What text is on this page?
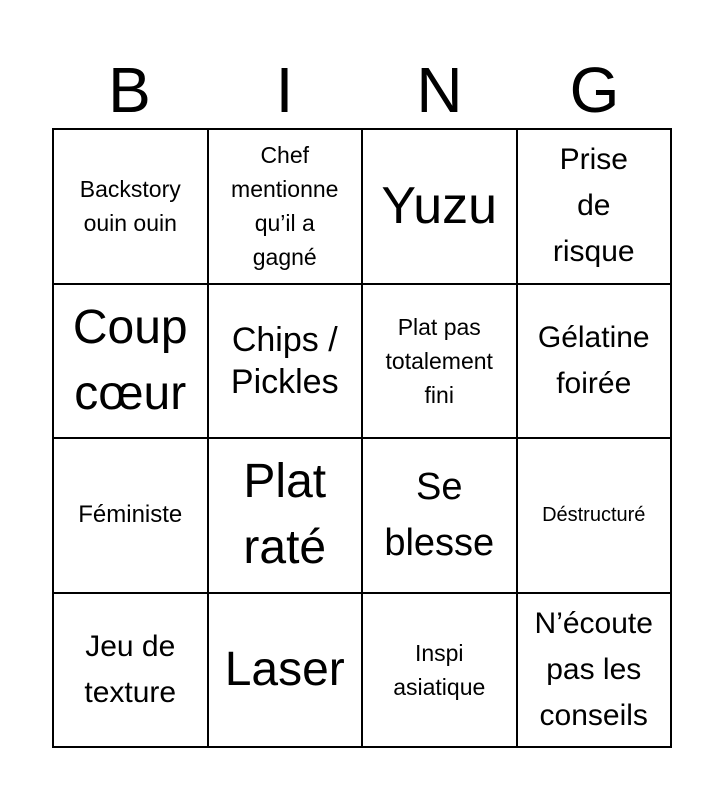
B	I	N	G
Backstory
ouin ouin
Chef
mentionne
qu’il a
gagné
Yuzu
Prise
de
risque
Coup
cœur
Chips /
Pickles
Plat pas
totalement
fini
Gélatine
foirée
Féministe
Plat
raté
Se
blesse
Déstructuré
Jeu de
texture	Laser	Inspi
asiatique
N’écoute
pas les
conseils
